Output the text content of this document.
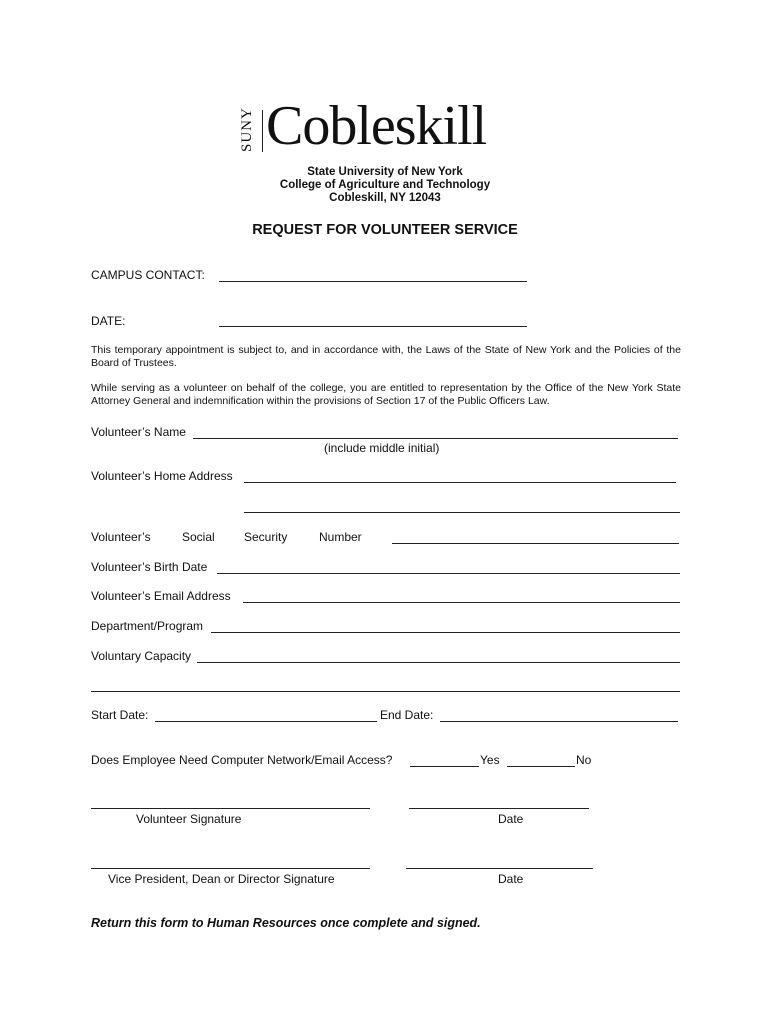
SUNY Cobleskill
State University of New York
College of Agriculture and Technology
Cobleskill, NY 12043
REQUEST FOR VOLUNTEER SERVICE
CAMPUS CONTACT:
DATE:
This temporary appointment is subject to, and in accordance with, the Laws of the State of New York and the Policies of the Board of Trustees.
While serving as a volunteer on behalf of the college, you are entitled to representation by the Office of the New York State Attorney General and indemnification within the provisions of Section 17 of the Public Officers Law.
Volunteer’s Name
(include middle initial)
Volunteer’s Home Address
Volunteer’s	Social Security	Number
Volunteer’s Birth Date
Volunteer’s Email Address
Department/Program
Voluntary Capacity
Start Date:	End Date:
Does Employee Need Computer Network/Email Access?	Yes	No
Volunteer Signature	Date
Vice President, Dean or Director Signature	Date
Return this form to Human Resources once complete and signed.
